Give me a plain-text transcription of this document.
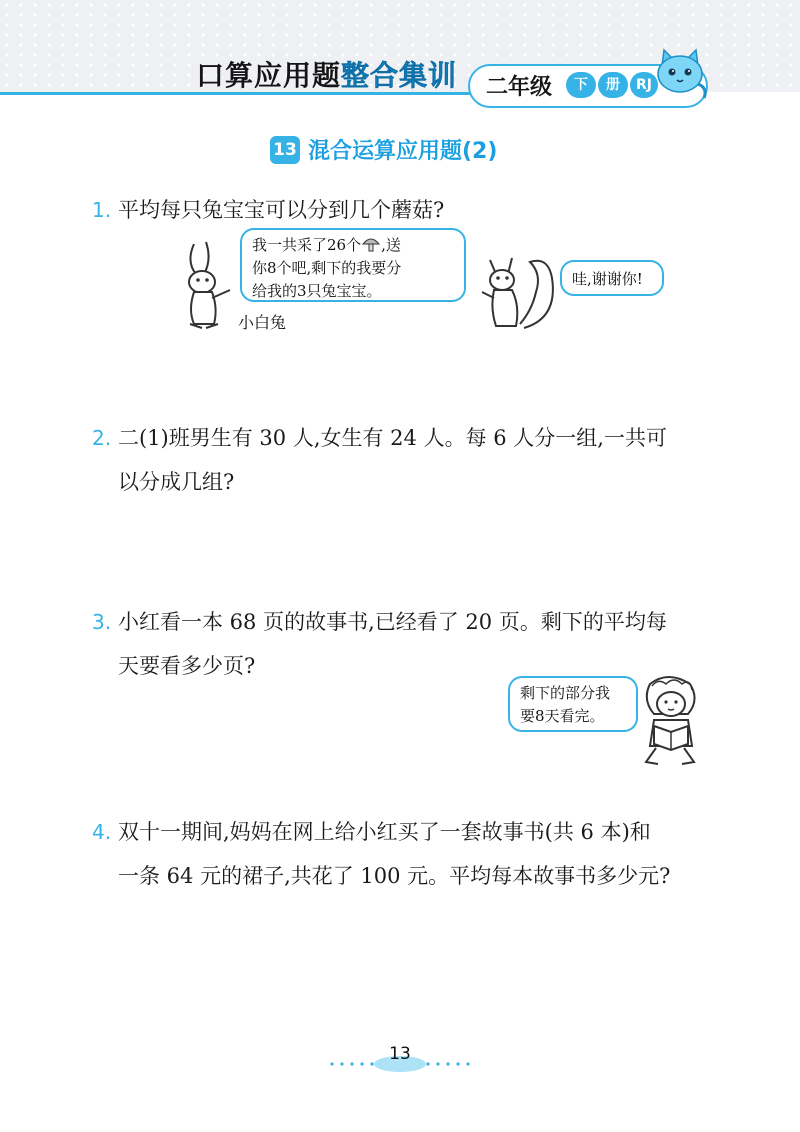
口算应用题整合集训 二年级	下	册	RJ
13 混合运算应用题(2)
1. 平均每只兔宝宝可以分到几个蘑菇?
我一共采了26个 ,送
你8个吧,剩下的我要分
给我的3只兔宝宝。
小白兔
哇,谢谢你!
2. 二(1)班男生有 30 人,女生有 24 人。每 6 人分一组,一共可
以分成几组?
3. 小红看一本 68 页的故事书,已经看了 20 页。剩下的平均每
天要看多少页?
剩下的部分我
要8天看完。
4. 双十一期间,妈妈在网上给小红买了一套故事书(共 6 本)和
一条 64 元的裙子,共花了 100 元。平均每本故事书多少元?
13
